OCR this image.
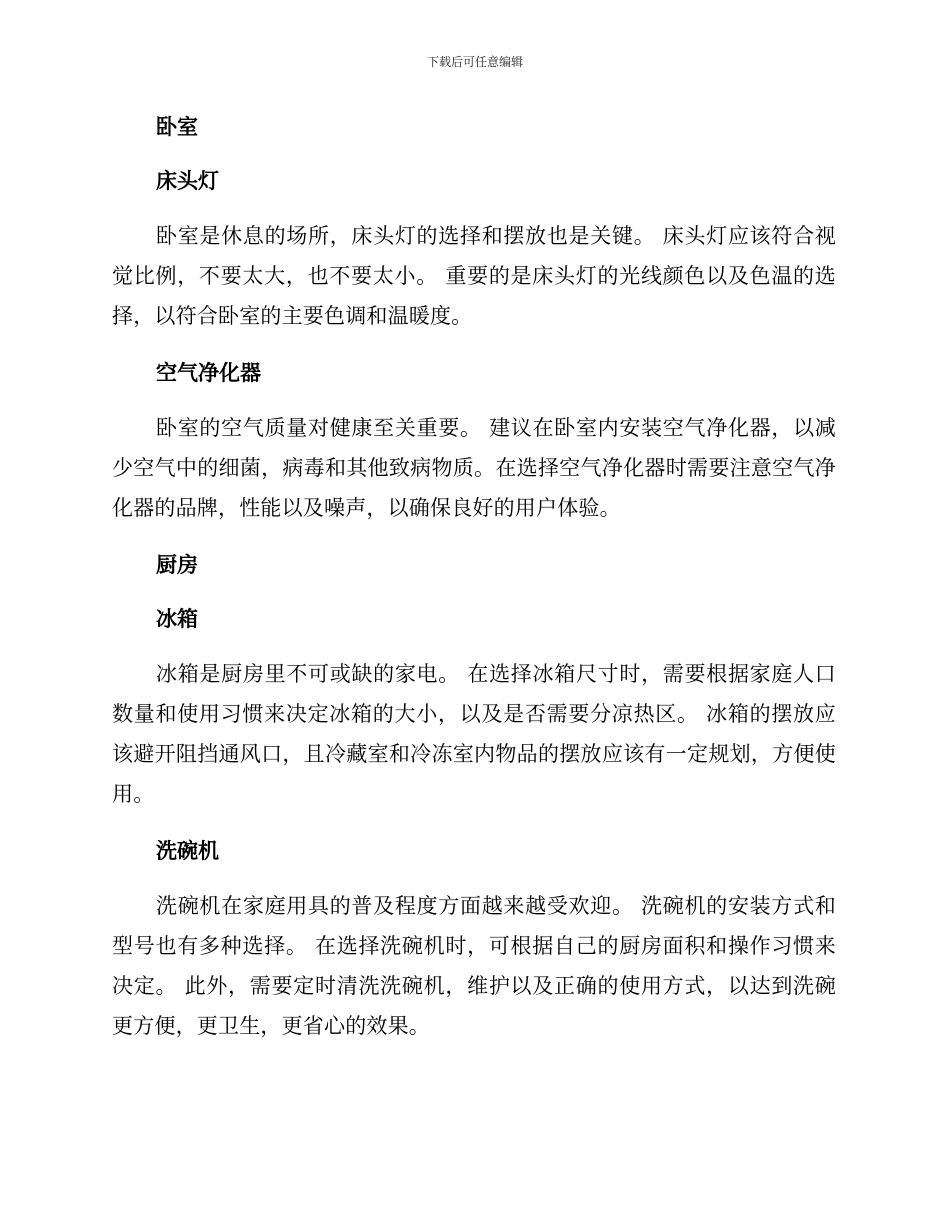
下载后可任意编辑
卧室
床头灯

卧室是休息的场所，床头灯的选择和摆放也是关键。 床头灯应该符合视觉比例，不要太大，也不要太小。 重要的是床头灯的光线颜色以及色温的选择，以符合卧室的主要色调和温暖度。

空气净化器

卧室的空气质量对健康至关重要。 建议在卧室内安装空气净化器，以减少空气中的细菌，病毒和其他致病物质。在选择空气净化器时需要注意空气净化器的品牌，性能以及噪声，以确保良好的用户体验。

厨房
冰箱

冰箱是厨房里不可或缺的家电。 在选择冰箱尺寸时，需要根据家庭人口数量和使用习惯来决定冰箱的大小，以及是否需要分凉热区。 冰箱的摆放应该避开阻挡通风口，且冷藏室和冷冻室内物品的摆放应该有一定规划，方便使用。

洗碗机

洗碗机在家庭用具的普及程度方面越来越受欢迎。 洗碗机的安装方式和型号也有多种选择。 在选择洗碗机时，可根据自己的厨房面积和操作习惯来决定。 此外，需要定时清洗洗碗机，维护以及正确的使用方式，以达到洗碗更方便，更卫生，更省心的效果。
